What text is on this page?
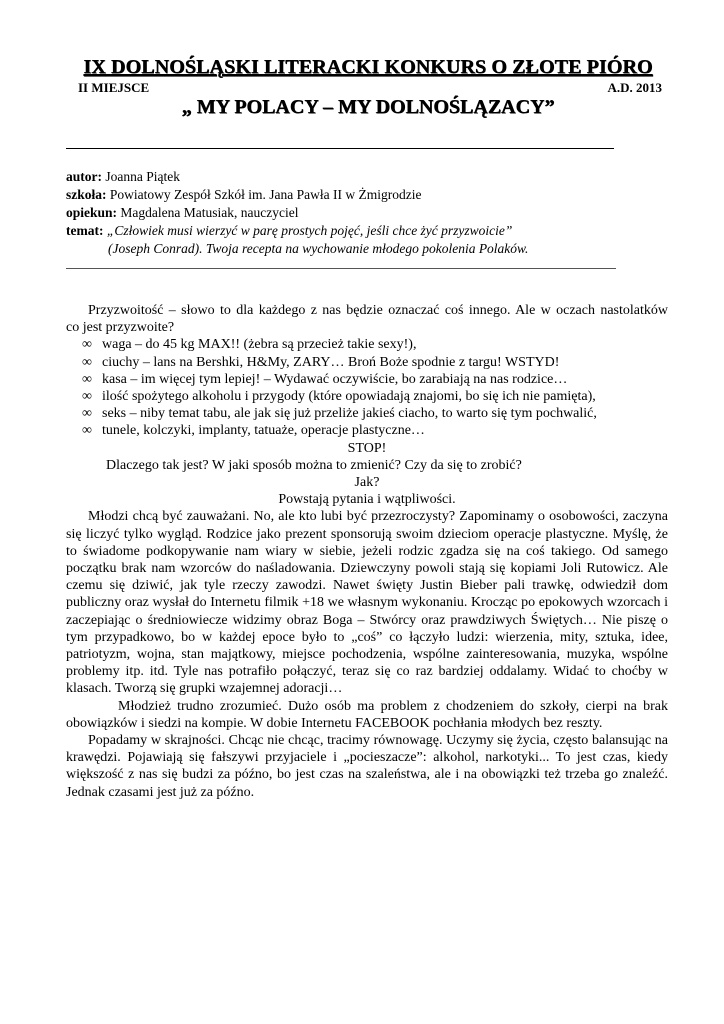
IX DOLNOŚLĄSKI LITERACKI KONKURS O ZŁOTE PIÓRO
II MIEJSCE	A.D. 2013
„ MY POLACY – MY DOLNOŚLĄZACY”
autor: Joanna Piątek
szkoła: Powiatowy Zespół Szkół im. Jana Pawła II w Żmigrodzie
opiekun: Magdalena Matusiak, nauczyciel
temat: „Człowiek musi wierzyć w parę prostych pojęć, jeśli chce żyć przyzwoicie”
(Joseph Conrad). Twoja recepta na wychowanie młodego pokolenia Polaków.

Przyzwoitość – słowo to dla każdego z nas będzie oznaczać coś innego. Ale w oczach nastolatków

co jest przyzwoite?

∞ waga – do 45 kg MAX!! (żebra są przecież takie sexy!),
∞ ciuchy – lans na Bershki, H&My, ZARY… Broń Boże spodnie z targu! WSTYD!
∞ kasa – im więcej tym lepiej! – Wydawać oczywiście, bo zarabiają na nas rodzice…
∞ ilość spożytego alkoholu i przygody (które opowiadają znajomi, bo się ich nie pamięta),
∞ seks – niby temat tabu, ale jak się już przeliże jakieś ciacho, to warto się tym pochwalić,
∞ tunele, kolczyki, implanty, tatuaże, operacje plastyczne…

STOP!

Dlaczego tak jest? W jaki sposób można to zmienić? Czy da się to zrobić?

Jak?

Powstają pytania i wątpliwości.

Młodzi chcą być zauważani. No, ale kto lubi być przezroczysty? Zapominamy o osobowości, zaczyna się liczyć tylko wygląd. Rodzice jako prezent sponsorują swoim dzieciom operacje plastyczne. Myślę, że to świadome podkopywanie nam wiary w siebie, jeżeli rodzic zgadza się na coś takiego. Od samego początku brak nam wzorców do naśladowania. Dziewczyny powoli stają się kopiami Joli Rutowicz. Ale czemu się dziwić, jak tyle rzeczy zawodzi. Nawet święty Justin Bieber pali trawkę, odwiedził dom publiczny oraz wysłał do Internetu filmik +18 we własnym wykonaniu. Krocząc po epokowych wzorcach i zaczepiając o średniowiecze widzimy obraz Boga – Stwórcy oraz prawdziwych Świętych… Nie piszę o tym przypadkowo, bo w każdej epoce było to „coś” co łączyło ludzi: wierzenia, mity, sztuka, idee, patriotyzm, wojna, stan majątkowy, miejsce pochodzenia, wspólne zainteresowania, muzyka, wspólne problemy itp. itd. Tyle nas potrafiło połączyć, teraz się co raz bardziej oddalamy. Widać to choćby w klasach. Tworzą się grupki wzajemnej adoracji…

Młodzież trudno zrozumieć. Dużo osób ma problem z chodzeniem do szkoły, cierpi na brak

obowiązków i siedzi na kompie. W dobie Internetu FACEBOOK pochłania młodych bez reszty.

Popadamy w skrajności. Chcąc nie chcąc, tracimy równowagę. Uczymy się życia, często balansując na krawędzi. Pojawiają się fałszywi przyjaciele i „pocieszacze”: alkohol, narkotyki... To jest czas, kiedy większość z nas się budzi za późno, bo jest czas na szaleństwa, ale i na obowiązki też trzeba go znaleźć. Jednak czasami jest już za późno.
